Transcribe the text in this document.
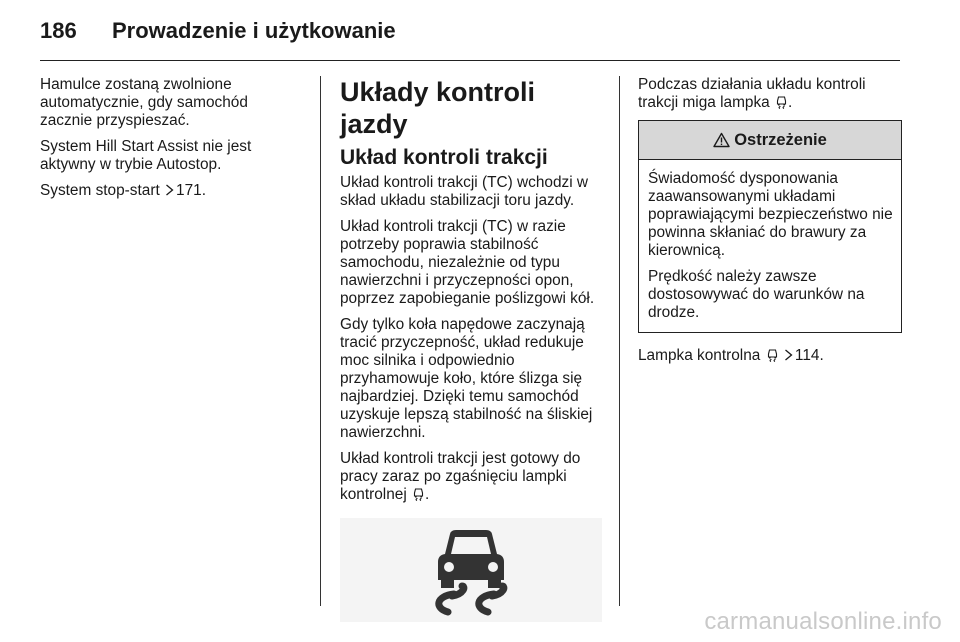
186	Prowadzenie i użytkowanie

Hamulce zostaną zwolnione automatycznie, gdy samochód zacznie przyspieszać.

System Hill Start Assist nie jest aktywny w trybie Autostop.

System stop-start 171.

Układy kontroli jazdy
Układ kontroli trakcji

Układ kontroli trakcji (TC) wchodzi w skład układu stabilizacji toru jazdy.

Układ kontroli trakcji (TC) w razie potrzeby poprawia stabilność samochodu, niezależnie od typu nawierzchni i przyczepności opon, poprzez zapobieganie poślizgowi kół.

Gdy tylko koła napędowe zaczynają tracić przyczepność, układ redukuje moc silnika i odpowiednio przyhamowuje koło, które ślizga się najbardziej. Dzięki temu samochód uzyskuje lepszą stabilność na śliskiej nawierzchni.

Układ kontroli trakcji jest gotowy do pracy zaraz po zgaśnięciu lampki kontrolnej .

Podczas działania układu kontroli trakcji miga lampka .

Ostrzeżenie

Świadomość dysponowania zaawansowanymi układami poprawiającymi bezpieczeństwo nie powinna skłaniać do brawury za kierownicą.

Prędkość należy zawsze dostosowywać do warunków na drodze.

Lampka kontrolna 114.

carmanualsonline.info
